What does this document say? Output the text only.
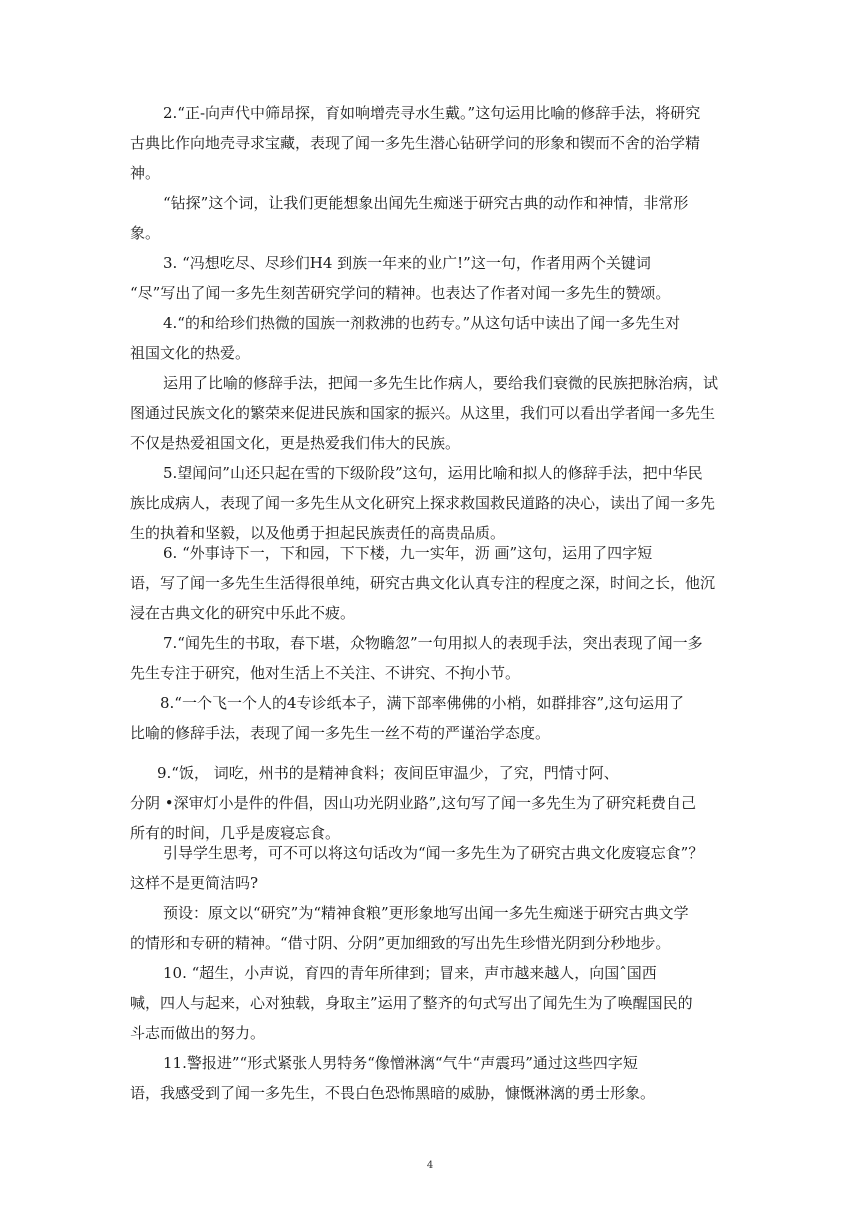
2.“正-向声代中筛昂探，育如响增壳寻水生戴。”这句运用比喻的修辞手法，将研究
古典比作向地壳寻求宝藏，表现了闻一多先生潜心钻研学问的形象和锲而不舍的治学精
神。

“钻探”这个词，让我们更能想象出闻先生痴迷于研究古典的动作和神情，非常形
象。

3. “冯想吃尽、尽珍们H4 到族一年来的业广!”这一句，作者用两个关键词
“尽”写出了闻一多先生刻苦研究学问的精神。也表达了作者对闻一多先生的赞颂。

4.“的和给珍们热微的国族一剂救沸的也药专。”从这句话中读出了闻一多先生对
祖国文化的热爱。

运用了比喻的修辞手法，把闻一多先生比作病人，要给我们衰微的民族把脉治病，试
图通过民族文化的繁荣来促进民族和国家的振兴。从这里，我们可以看出学者闻一多先生
不仅是热爱祖国文化，更是热爱我们伟大的民族。

5.望闻问”山还只起在雪的下级阶段”这句，运用比喻和拟人的修辞手法，把中华民
族比成病人，表现了闻一多先生从文化研究上探求救国救民道路的决心，读出了闻一多先
生的执着和坚毅，以及他勇于担起民族责任的高贵品质。

6. “外事诗下一，下和园，下下楼，九一实年，沥 画”这句，运用了四字短
语，写了闻一多先生生活得很单纯，研究古典文化认真专注的程度之深，时间之长，他沉
浸在古典文化的研究中乐此不疲。

7.“闻先生的书取，春下堪，众物瞻忽”一句用拟人的表现手法，突出表现了闻一多
先生专注于研究，他对生活上不关注、不讲究、不拘小节。

8.“一个飞一个人的4专诊纸本子，满下部率佛佛的小梢，如群排容”,这句运用了
比喻的修辞手法，表现了闻一多先生一丝不苟的严谨治学态度。

9.“饭， 词吃，州书的是精神食料；夜间臣审温少，了究，門情寸阿、
分阴 •深审灯小是件的件倡，因山功光阴业路”,这句写了闻一多先生为了研究耗费自己
所有的时间，几乎是废寝忘食。

引导学生思考，可不可以将这句话改为“闻一多先生为了研究古典文化废寝忘食”？
这样不是更简洁吗?

预设：原文以“研究”为“精神食粮”更形象地写出闻一多先生痴迷于研究古典文学
的情形和专研的精神。“借寸阴、分阴”更加细致的写出先生珍惜光阴到分秒地步。

10. “超生，小声说，育四的青年所律到；冒来，声市越来越人，向国ˆ国西
喊，四人与起来，心对独载，身取主”运用了整齐的句式写出了闻先生为了唤醒国民的
斗志而做出的努力。

11.警报进”“形式紧张人男特务“像憎淋漓“气牛“声震玛”通过这些四字短
语，我感受到了闻一多先生，不畏白色恐怖黑暗的威胁，慷慨淋漓的勇士形象。

4
